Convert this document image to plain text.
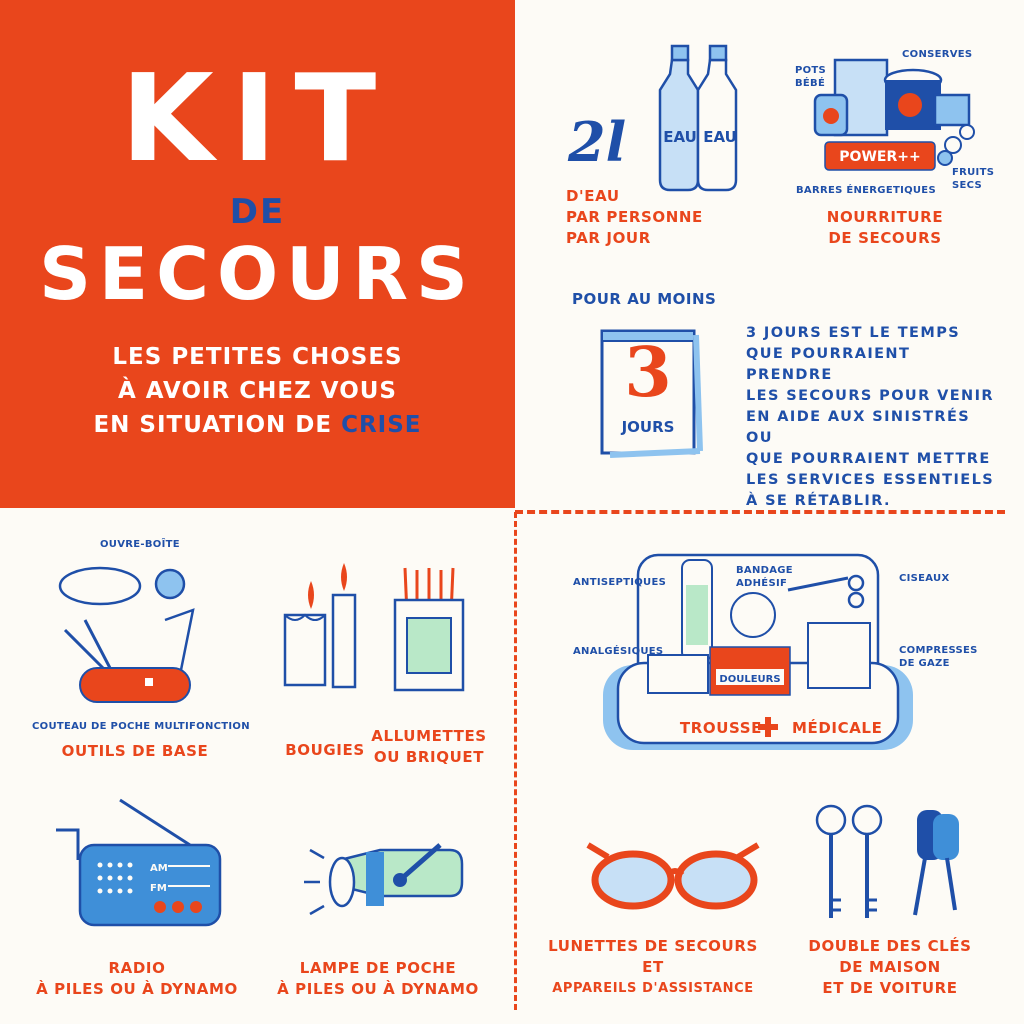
KIT
DE
SECOURS
LES PETITES CHOSES
À AVOIR CHEZ VOUS
EN SITUATION DE CRISE
EAU EAU
2l
D'EAU
PAR PERSONNE
PAR JOUR
POWER++
CONSERVES
POTS
BÉBÉ
FRUITS
SECS
BARRES ÉNERGETIQUES
NOURRITURE
DE SECOURS
POUR AU MOINS
3
JOURS
3 JOURS EST LE TEMPS
QUE POURRAIENT PRENDRE
LES SECOURS POUR VENIR
EN AIDE AUX SINISTRÉS OU
QUE POURRAIENT METTRE
LES SERVICES ESSENTIELS
À SE RÉTABLIR.
OUVRE-BOÎTE
COUTEAU DE POCHE MULTIFONCTION
OUTILS DE BASE	BOUGIES
ALLUMETTES
OU BRIQUET
DOULEURS
ANTISEPTIQUES
BANDAGE
ADHÉSIF	CISEAUX
ANALGÉSIQUES	COMPRESSES
DE GAZE
TROUSSE MÉDICALE
AM
FM
RADIO
À PILES OU À DYNAMO
LAMPE DE POCHE
À PILES OU À DYNAMO
LUNETTES DE SECOURS
ET
APPAREILS D'ASSISTANCE
DOUBLE DES CLÉS
DE MAISON
ET DE VOITURE
